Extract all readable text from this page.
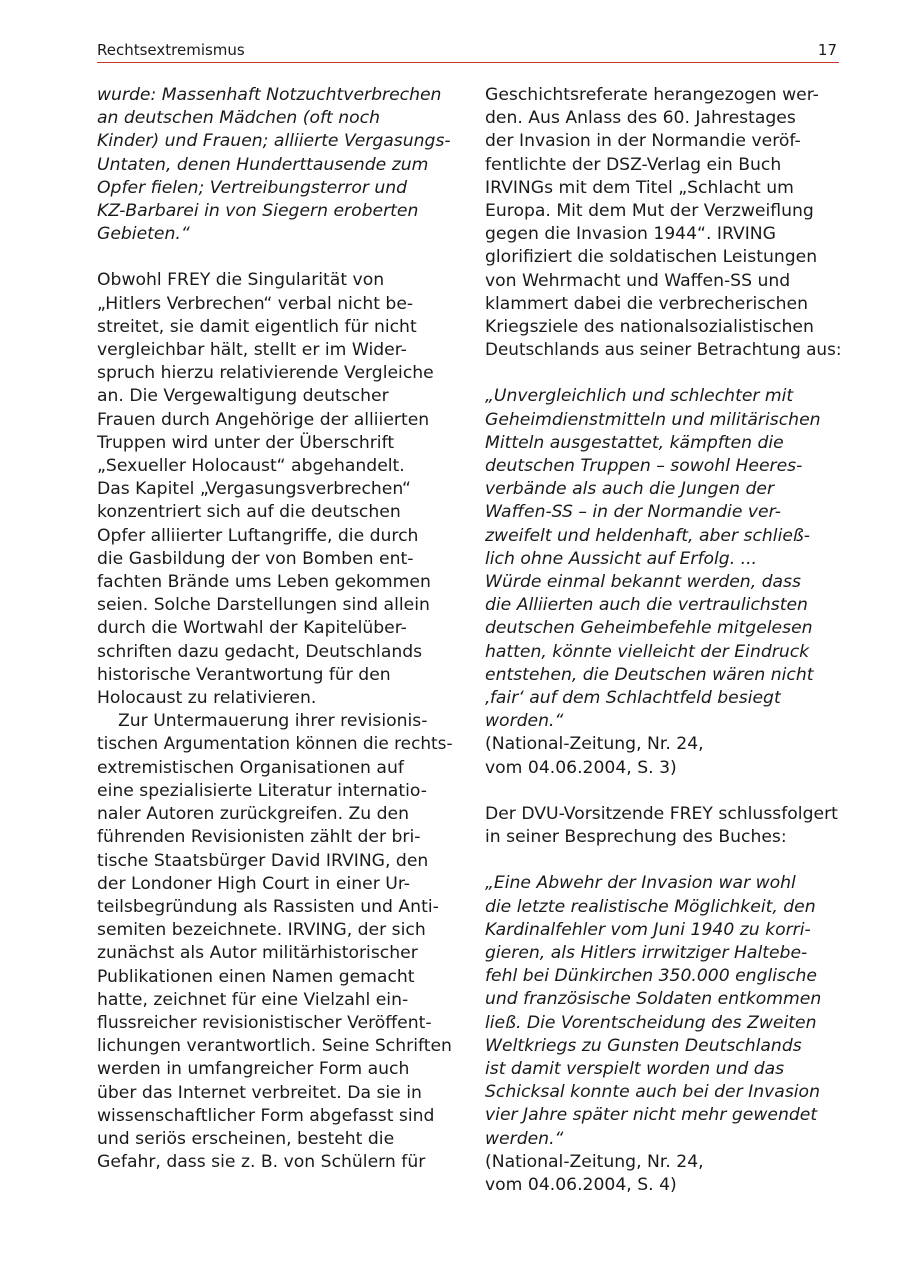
Rechtsextremismus	17
wurde: Massenhaft Notzuchtverbrechen
an deutschen Mädchen (oft noch
Kinder) und Frauen; alliierte Vergasungs-
Untaten, denen Hunderttausende zum
Opfer fielen; Vertreibungsterror und
KZ-Barbarei in von Siegern eroberten
Gebieten.“
Obwohl FREY die Singularität von
„Hitlers Verbrechen“ verbal nicht be-
streitet, sie damit eigentlich für nicht
vergleichbar hält, stellt er im Wider-
spruch hierzu relativierende Vergleiche
an. Die Vergewaltigung deutscher
Frauen durch Angehörige der alliierten
Truppen wird unter der Überschrift
„Sexueller Holocaust“ abgehandelt.
Das Kapitel „Vergasungsverbrechen“
konzentriert sich auf die deutschen
Opfer alliierter Luftangriffe, die durch
die Gasbildung der von Bomben ent-
fachten Brände ums Leben gekommen
seien. Solche Darstellungen sind allein
durch die Wortwahl der Kapitelüber-
schriften dazu gedacht, Deutschlands
historische Verantwortung für den
Holocaust zu relativieren.
Zur Untermauerung ihrer revisionis-
tischen Argumentation können die rechts-
extremistischen Organisationen auf
eine spezialisierte Literatur internatio-
naler Autoren zurückgreifen. Zu den
führenden Revisionisten zählt der bri-
tische Staatsbürger David IRVING, den
der Londoner High Court in einer Ur-
teilsbegründung als Rassisten und Anti-
semiten bezeichnete. IRVING, der sich
zunächst als Autor militärhistorischer
Publikationen einen Namen gemacht
hatte, zeichnet für eine Vielzahl ein-
flussreicher revisionistischer Veröffent-
lichungen verantwortlich. Seine Schriften
werden in umfangreicher Form auch
über das Internet verbreitet. Da sie in
wissenschaftlicher Form abgefasst sind
und seriös erscheinen, besteht die
Gefahr, dass sie z. B. von Schülern für
Geschichtsreferate herangezogen wer-
den. Aus Anlass des 60. Jahrestages
der Invasion in der Normandie veröf-
fentlichte der DSZ-Verlag ein Buch
IRVINGs mit dem Titel „Schlacht um
Europa. Mit dem Mut der Verzweiflung
gegen die Invasion 1944“. IRVING
glorifiziert die soldatischen Leistungen
von Wehrmacht und Waffen-SS und
klammert dabei die verbrecherischen
Kriegsziele des nationalsozialistischen
Deutschlands aus seiner Betrachtung aus:
„Unvergleichlich und schlechter mit
Geheimdienstmitteln und militärischen
Mitteln ausgestattet, kämpften die
deutschen Truppen – sowohl Heeres-
verbände als auch die Jungen der
Waffen-SS – in der Normandie ver-
zweifelt und heldenhaft, aber schließ-
lich ohne Aussicht auf Erfolg. ...
Würde einmal bekannt werden, dass
die Alliierten auch die vertraulichsten
deutschen Geheimbefehle mitgelesen
hatten, könnte vielleicht der Eindruck
entstehen, die Deutschen wären nicht
‚fair‘ auf dem Schlachtfeld besiegt
worden.“
(National-Zeitung, Nr. 24,
vom 04.06.2004, S. 3)
Der DVU-Vorsitzende FREY schlussfolgert
in seiner Besprechung des Buches:
„Eine Abwehr der Invasion war wohl
die letzte realistische Möglichkeit, den
Kardinalfehler vom Juni 1940 zu korri-
gieren, als Hitlers irrwitziger Haltebe-
fehl bei Dünkirchen 350.000 englische
und französische Soldaten entkommen
ließ. Die Vorentscheidung des Zweiten
Weltkriegs zu Gunsten Deutschlands
ist damit verspielt worden und das
Schicksal konnte auch bei der Invasion
vier Jahre später nicht mehr gewendet
werden.“
(National-Zeitung, Nr. 24,
vom 04.06.2004, S. 4)
